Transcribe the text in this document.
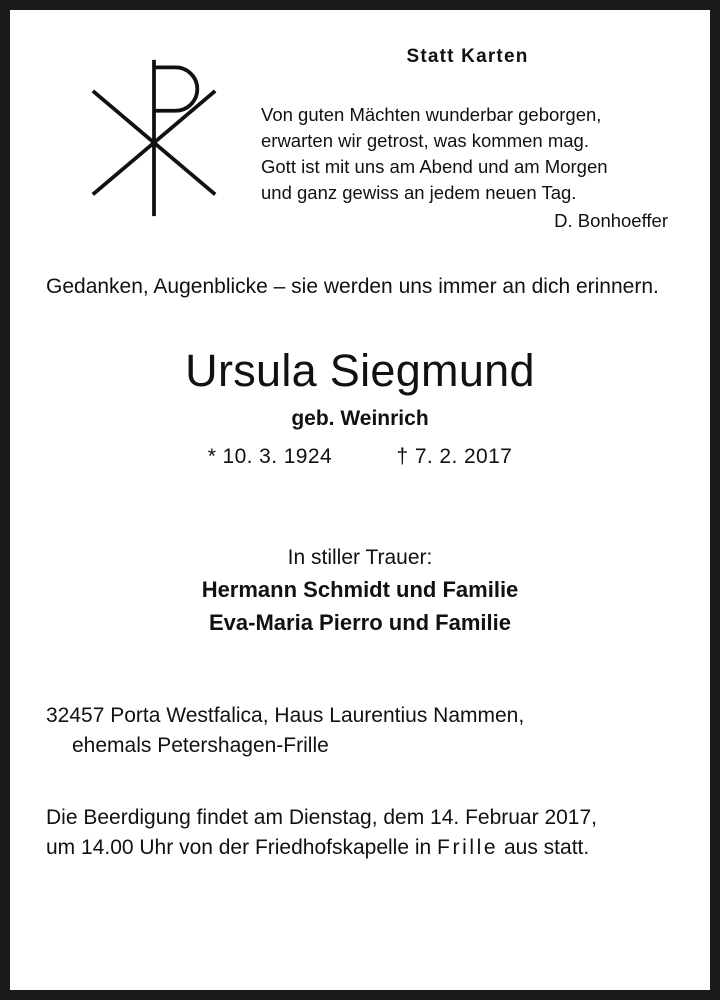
Statt Karten
Von guten Mächten wunderbar geborgen,
erwarten wir getrost, was kommen mag.
Gott ist mit uns am Abend und am Morgen
und ganz gewiss an jedem neuen Tag.
D. Bonhoeffer
Gedanken, Augenblicke – sie werden uns immer an dich erinnern.
Ursula Siegmund
geb. Weinrich
* 10. 3. 1924	† 7. 2. 2017
In stiller Trauer:
Hermann Schmidt und Familie
Eva-Maria Pierro und Familie
32457 Porta Westfalica, Haus Laurentius Nammen,
ehemals Petershagen-Frille
Die Beerdigung findet am Dienstag, dem 14. Februar 2017,
um 14.00 Uhr von der Friedhofskapelle in Frille aus statt.
